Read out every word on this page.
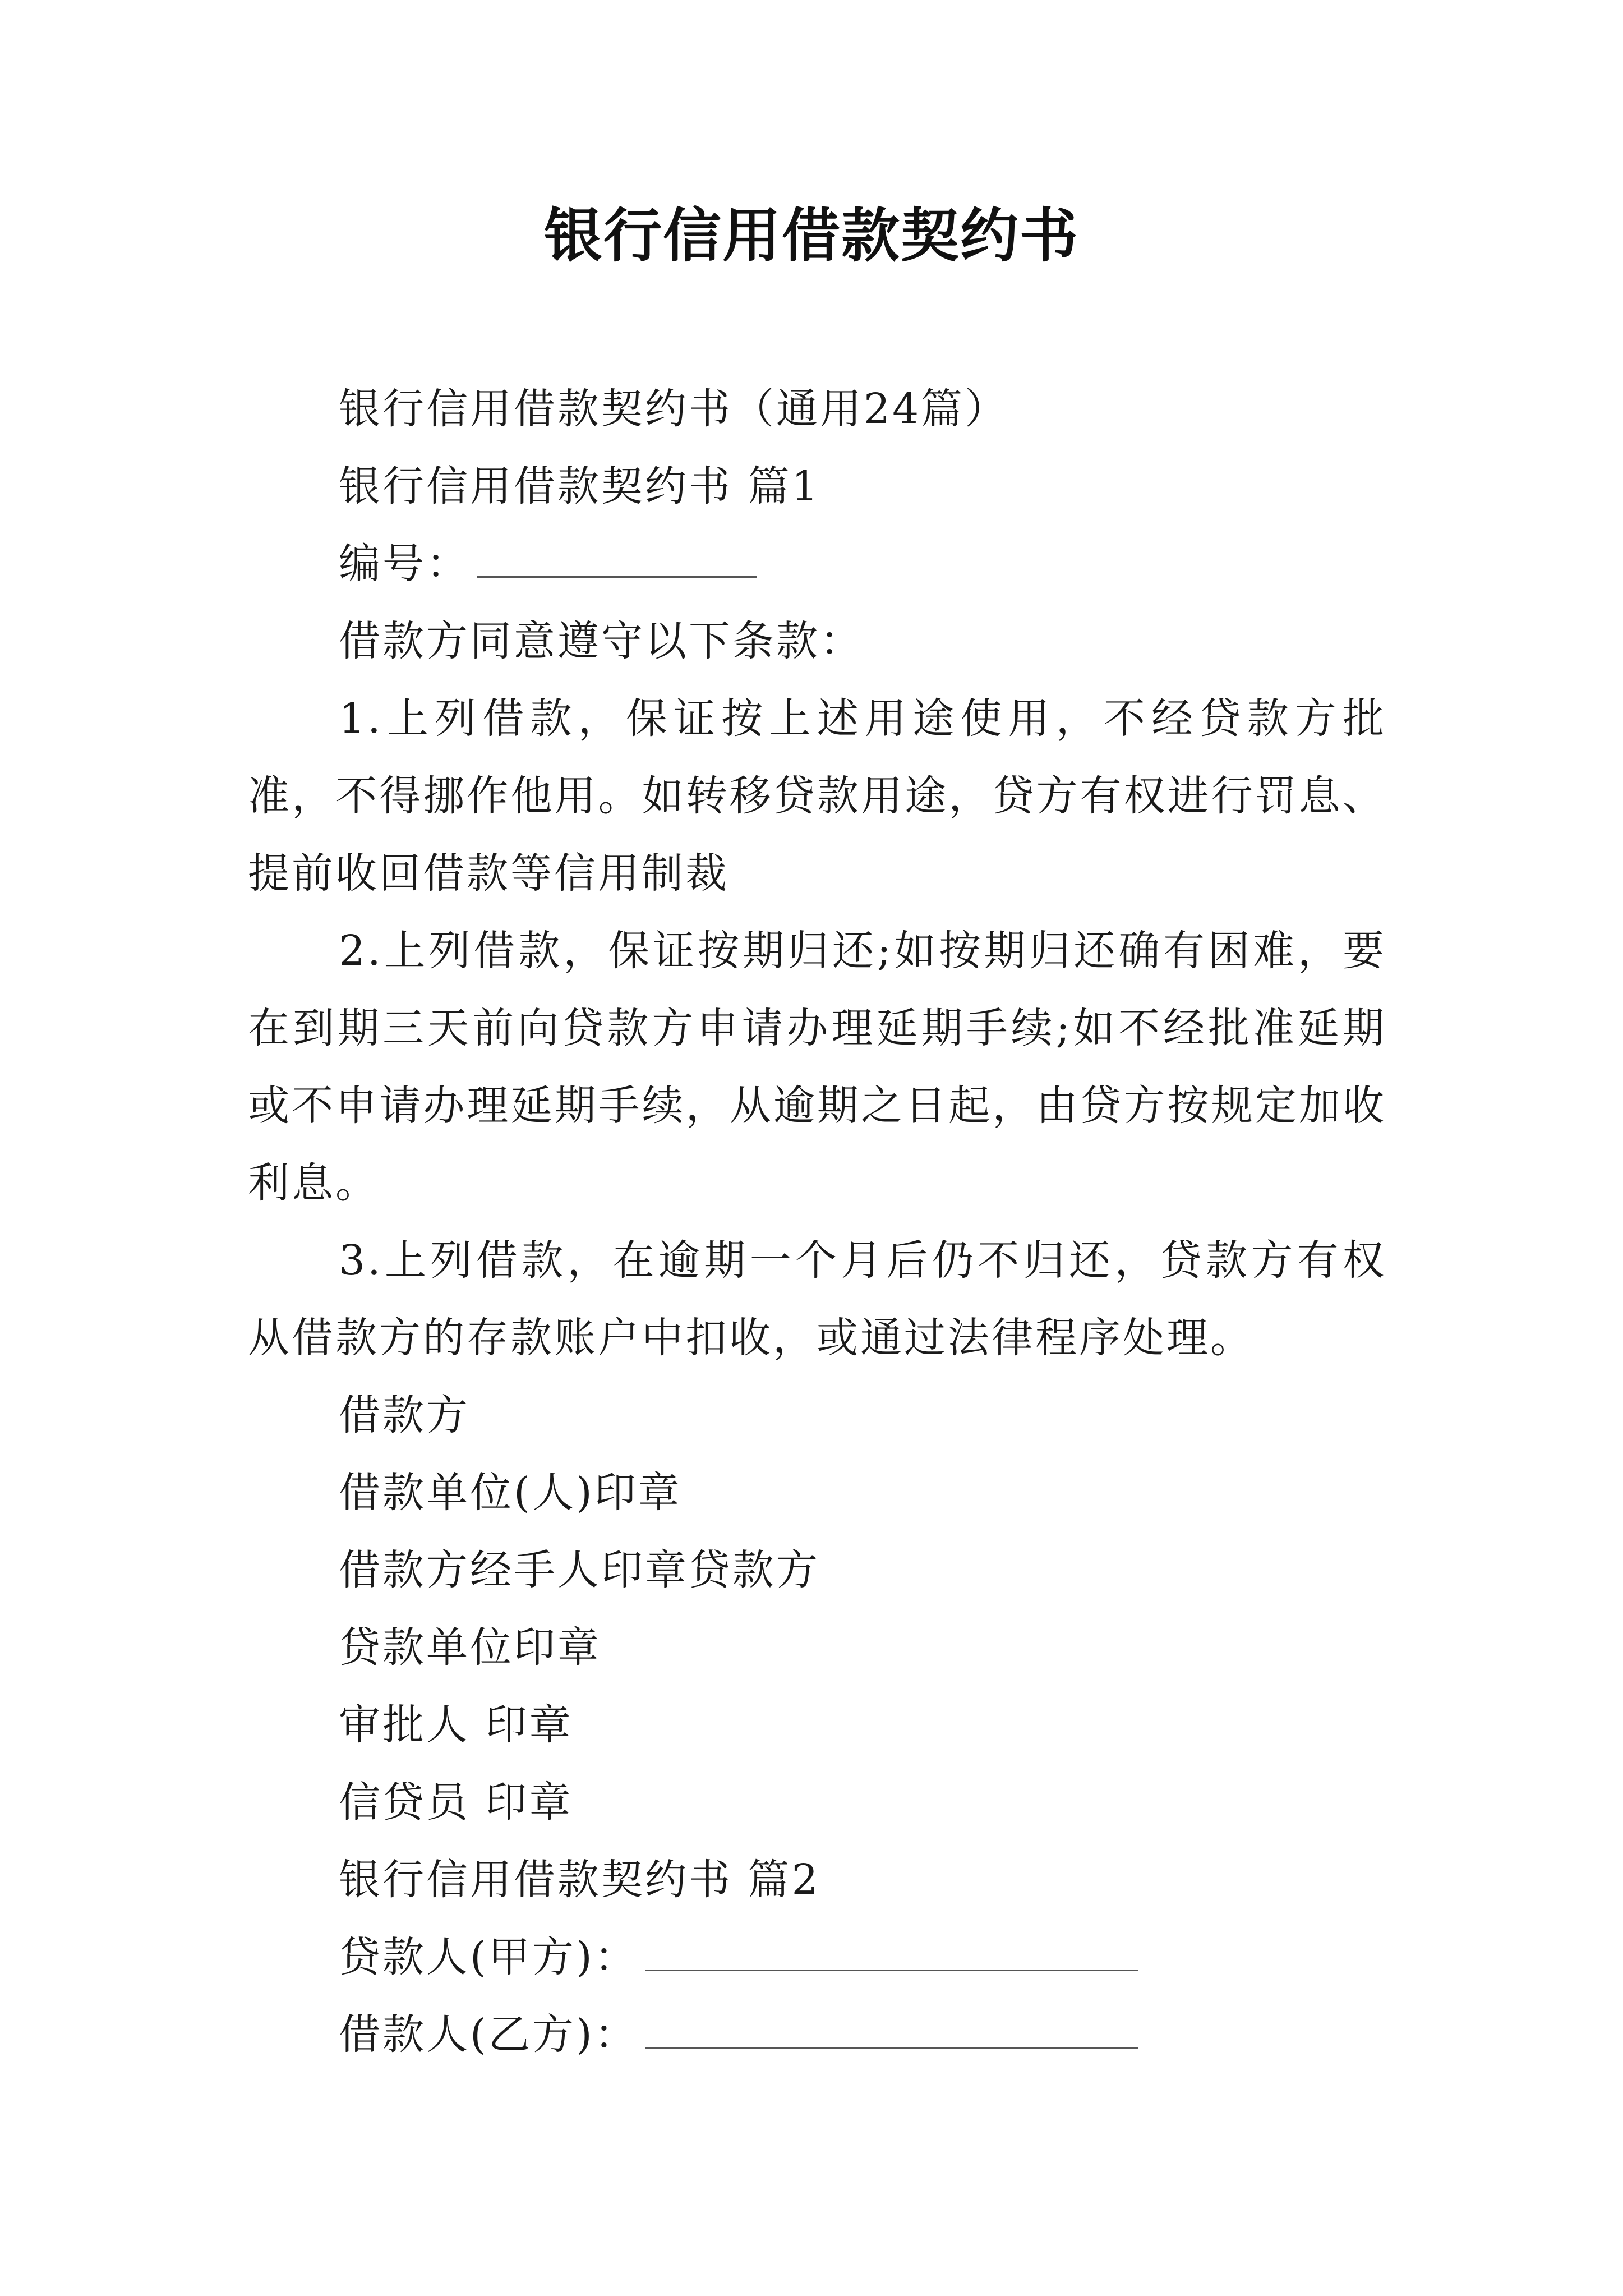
银行信用借款契约书

银行信用借款契约书（通用24篇）

银行信用借款契约书 篇1

编号：

借款方同意遵守以下条款：

1.上列借款，保证按上述用途使用，不经贷款方批准，不得挪作他用。如转移贷款用途，贷方有权进行罚息、提前收回借款等信用制裁

2.上列借款，保证按期归还;如按期归还确有困难，要在到期三天前向贷款方申请办理延期手续;如不经批准延期或不申请办理延期手续，从逾期之日起，由贷方按规定加收利息。

3.上列借款，在逾期一个月后仍不归还，贷款方有权从借款方的存款账户中扣收，或通过法律程序处理。

借款方

借款单位(人)印章

借款方经手人印章贷款方

贷款单位印章

审批人 印章

信贷员 印章

银行信用借款契约书 篇2

贷款人(甲方)：

借款人(乙方)：
